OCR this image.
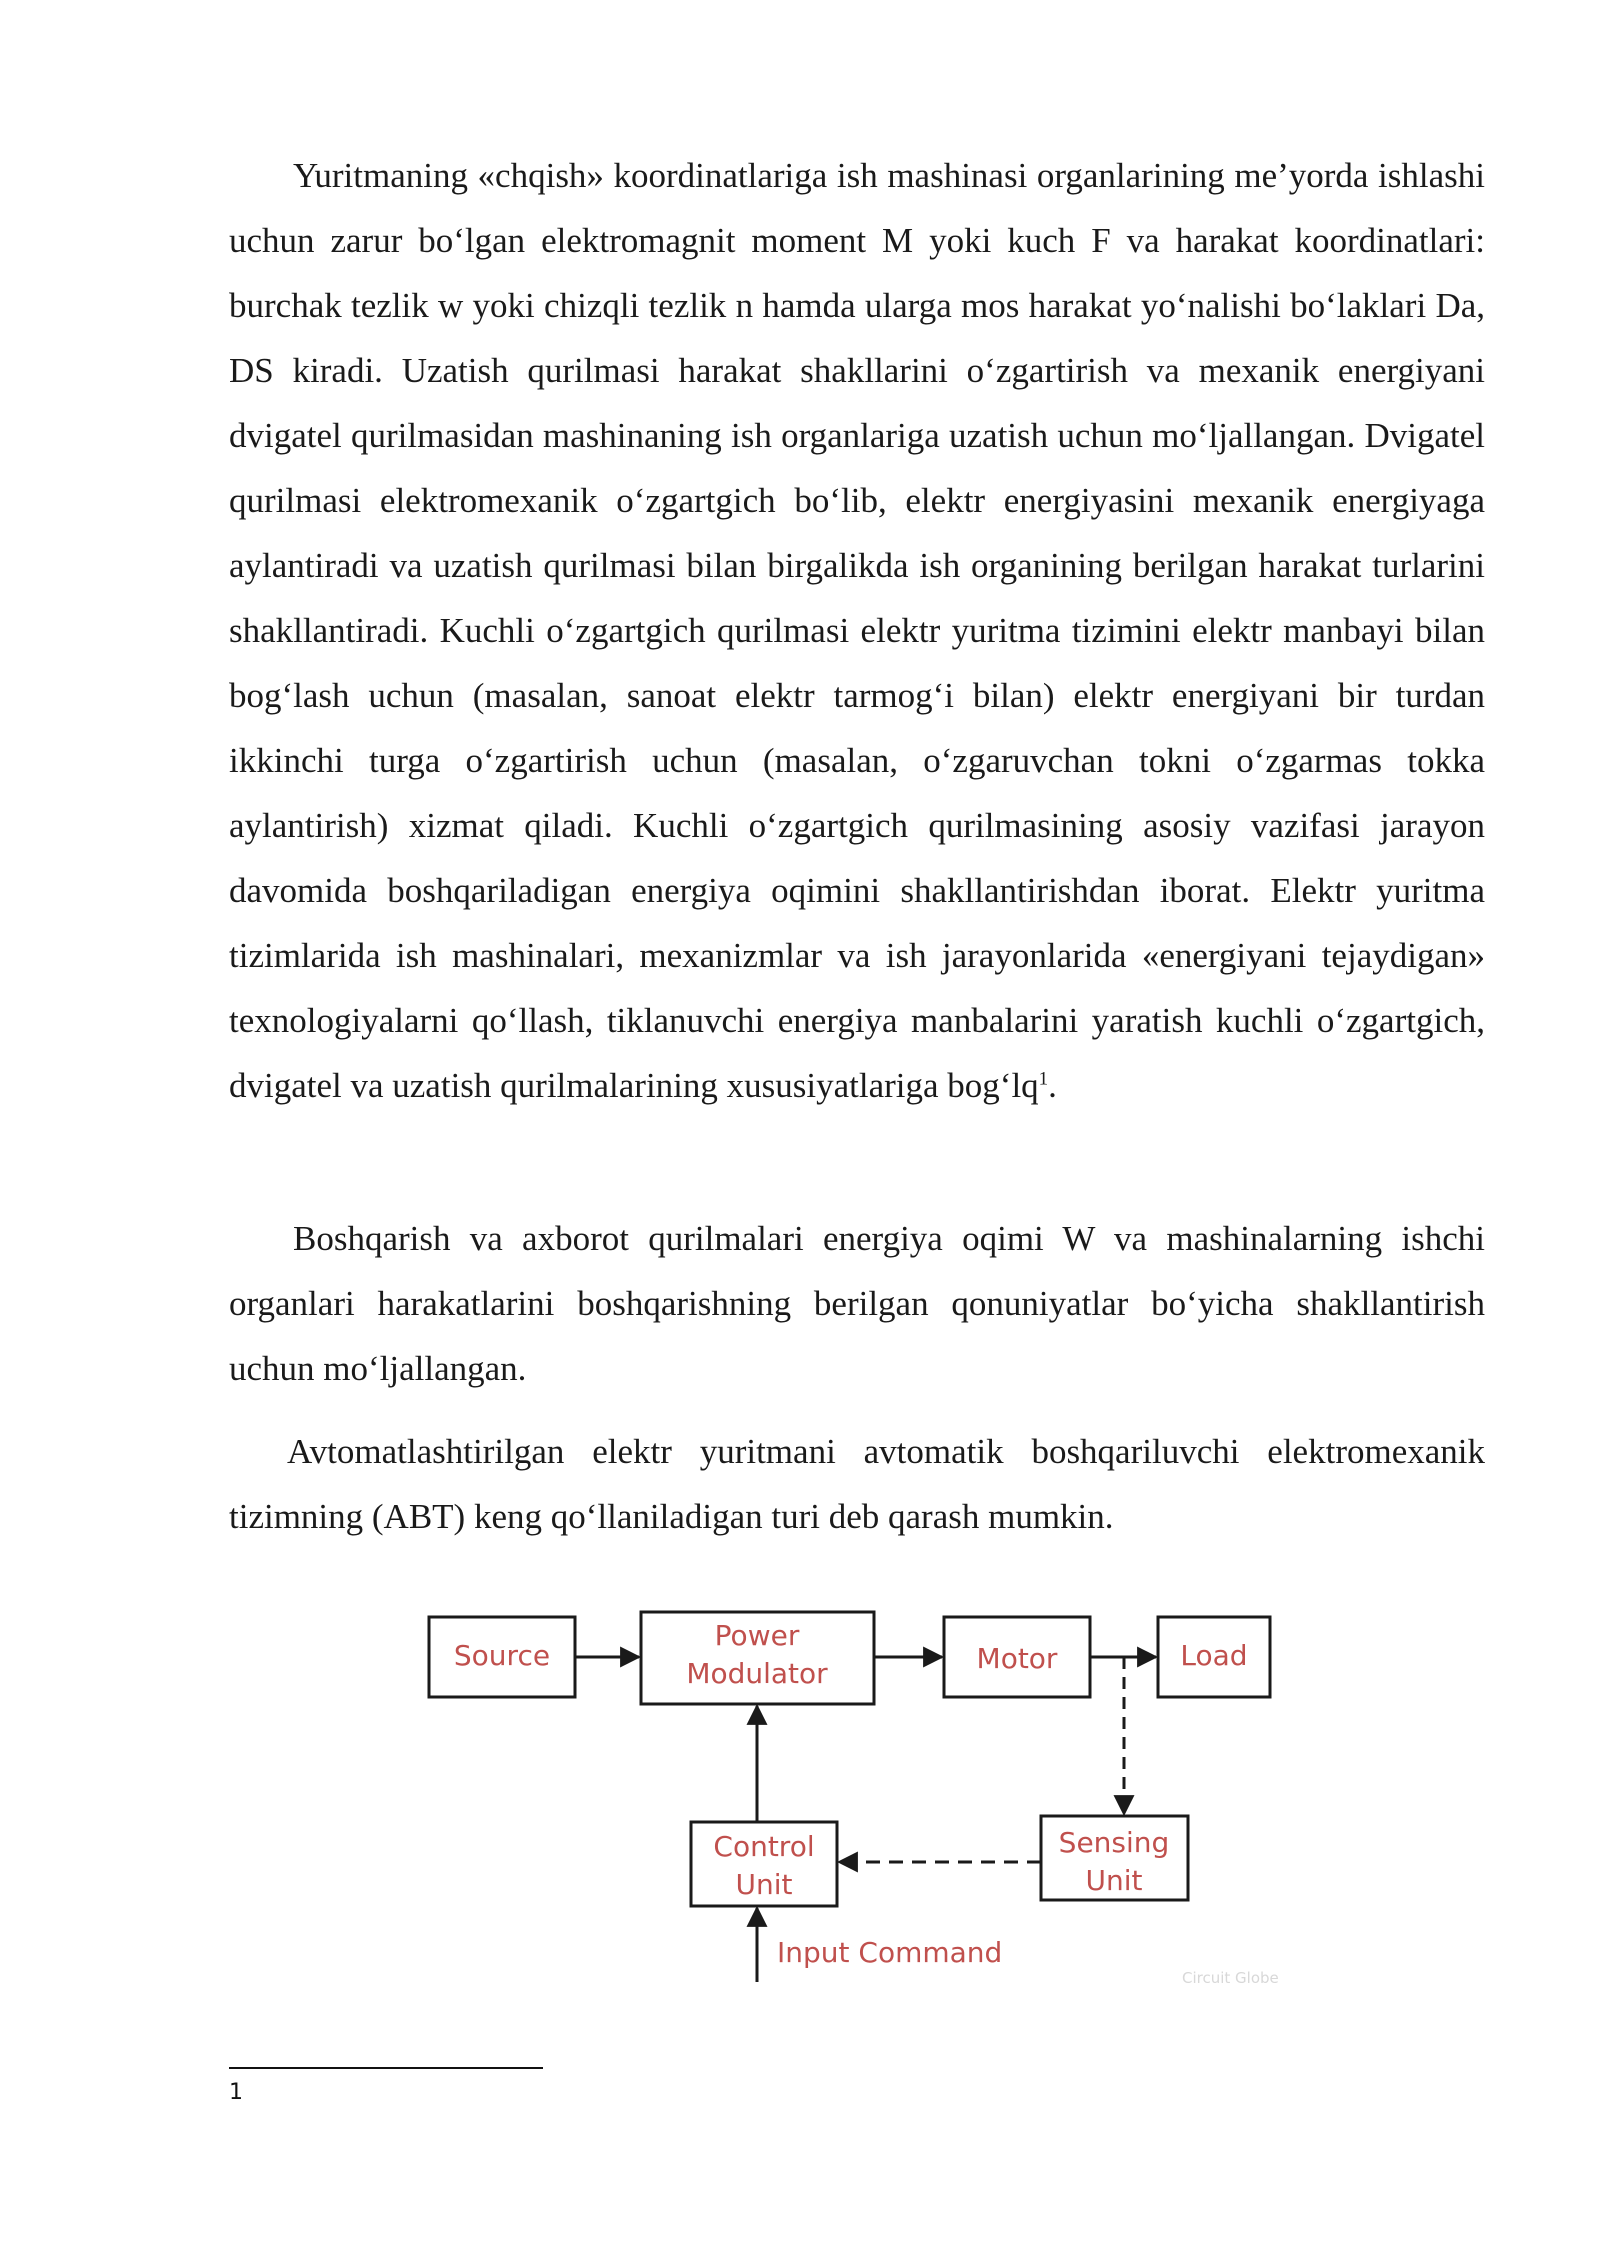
Yuritmaning «chqish» koordinatlariga ish mashinasi organlarining me’yorda ishlashi uchun zarur bo‘lgan elektromagnit moment M yoki kuch F va harakat koordinatlari: burchak tezlik w yoki chizqli tezlik n hamda ularga mos harakat yo‘nalishi bo‘laklari Da, DS kiradi. Uzatish qurilmasi harakat shakllarini o‘zgartirish va mexanik energiyani dvigatel qurilmasidan mashinaning ish organlariga uzatish uchun mo‘ljallangan. Dvigatel qurilmasi elektromexanik o‘zgartgich bo‘lib, elektr energiyasini mexanik energiyaga aylantiradi va uzatish qurilmasi bilan birgalikda ish organining berilgan harakat turlarini shakllantiradi. Kuchli o‘zgartgich qurilmasi elektr yuritma tizimini elektr manbayi bilan bog‘lash uchun (masalan, sanoat elektr tarmog‘i bilan) elektr energiyani bir turdan ikkinchi turga o‘zgartirish uchun (masalan, o‘zgaruvchan tokni o‘zgarmas tokka aylantirish) xizmat qiladi. Kuchli o‘zgartgich qurilmasining asosiy vazifasi jarayon davomida boshqariladigan energiya oqimini shakllantirishdan iborat. Elektr yuritma tizimlarida ish mashinalari, mexanizmlar va ish jarayonlarida «energiyani tejaydigan» texnologiyalarni qo‘llash, tiklanuvchi energiya manbalarini yaratish kuchli o‘zgartgich, dvigatel va uzatish qurilmalarining xususiyatlariga $bog‘lq^1$.

Boshqarish va axborot qurilmalari energiya oqimi W va mashinalarning ishchi organlari harakatlarini boshqarishning berilgan qonuniyatlar bo‘yicha shakllantirish uchun mo‘ljallangan.

Avtomatlashtirilgan elektr yuritmani avtomatik boshqariluvchi elektromexanik tizimning (ABT) keng qo‘llaniladigan turi deb qarash mumkin.

Source
Power
Modulator	Motor	Load
Control
Unit
Sensing
Unit
Input Command
Circuit Globe
1
